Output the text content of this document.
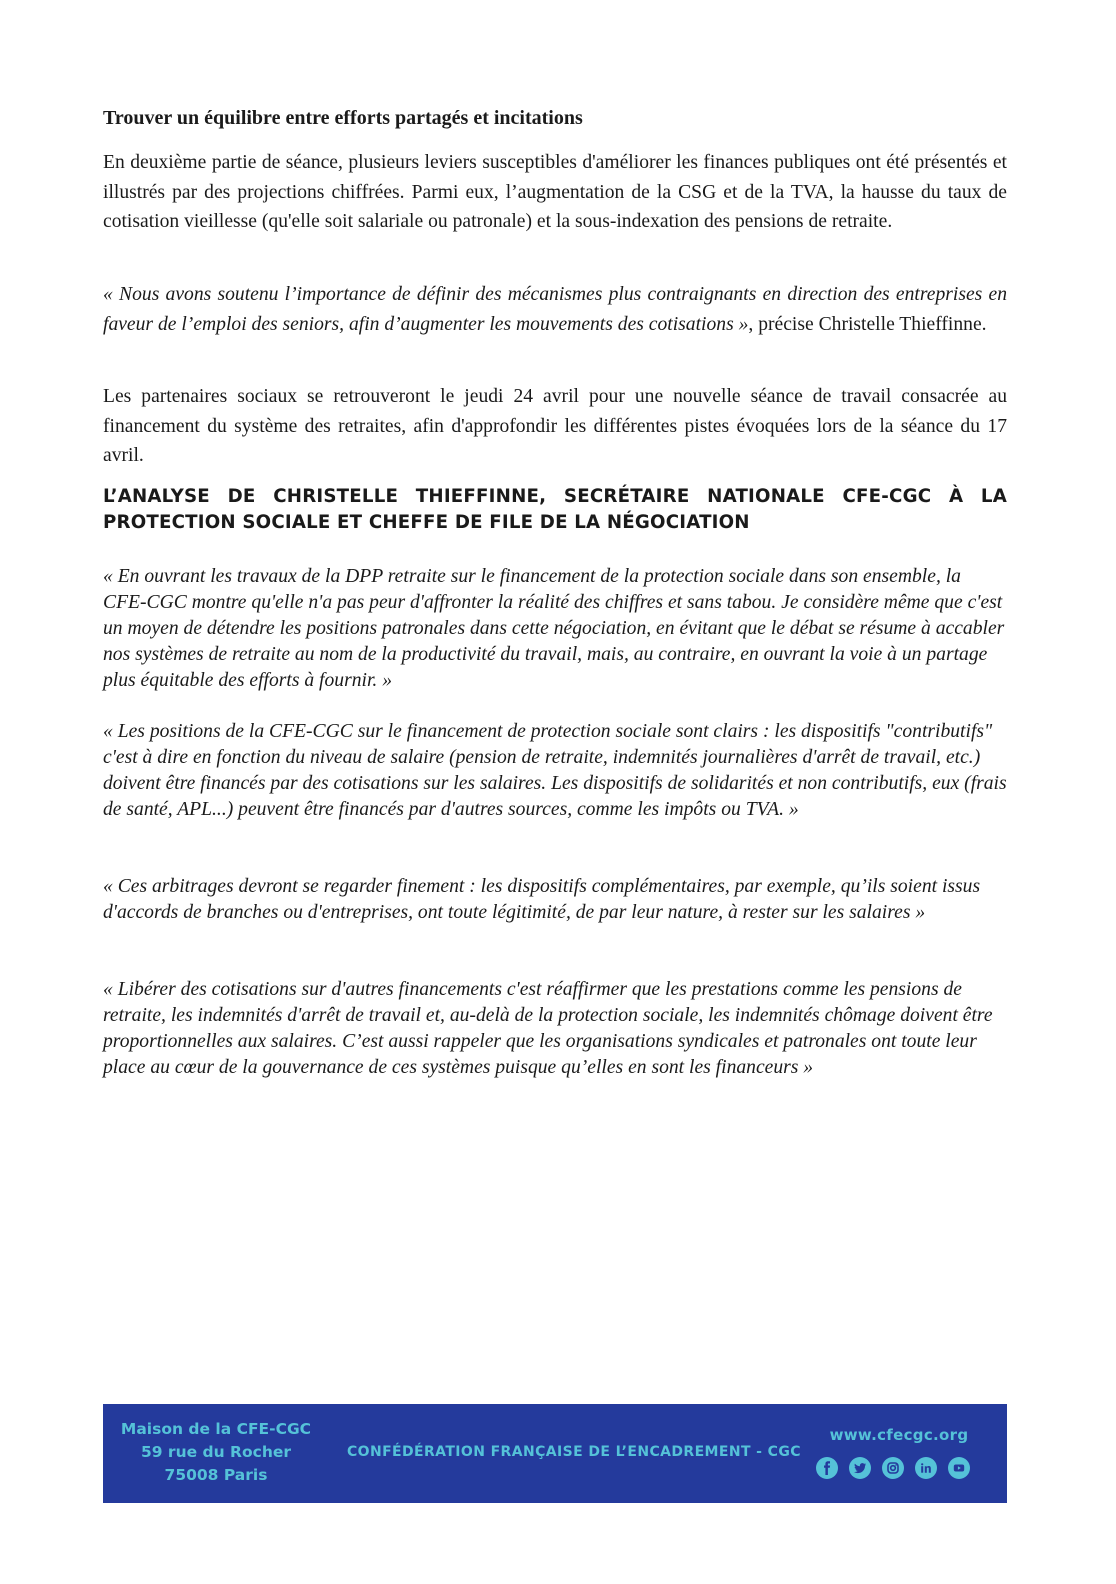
Trouver un équilibre entre efforts partagés et incitations

En deuxième partie de séance, plusieurs leviers susceptibles d'améliorer les finances publiques ont été présentés et illustrés par des projections chiffrées. Parmi eux, l’augmentation de la CSG et de la TVA, la hausse du taux de cotisation vieillesse (qu'elle soit salariale ou patronale) et la sous-indexation des pensions de retraite.

« Nous avons soutenu l’importance de définir des mécanismes plus contraignants en direction des entreprises en faveur de l’emploi des seniors, afin d’augmenter les mouvements des cotisations », précise Christelle Thieffinne.

Les partenaires sociaux se retrouveront le jeudi 24 avril pour une nouvelle séance de travail consacrée au financement du système des retraites, afin d'approfondir les différentes pistes évoquées lors de la séance du 17 avril.

L’ANALYSE DE CHRISTELLE THIEFFINNE, SECRÉTAIRE NATIONALE CFE-CGC À LA PROTECTION SOCIALE ET CHEFFE DE FILE DE LA NÉGOCIATION

« En ouvrant les travaux de la DPP retraite sur le financement de la protection sociale dans son ensemble, la CFE-CGC montre qu'elle n'a pas peur d'affronter la réalité des chiffres et sans tabou. Je considère même que c'est un moyen de détendre les positions patronales dans cette négociation, en évitant que le débat se résume à accabler nos systèmes de retraite au nom de la productivité du travail, mais, au contraire, en ouvrant la voie à un partage plus équitable des efforts à fournir. »

« Les positions de la CFE-CGC sur le financement de protection sociale sont clairs : les dispositifs "contributifs" c'est à dire en fonction du niveau de salaire (pension de retraite, indemnités journalières d'arrêt de travail, etc.) doivent être financés par des cotisations sur les salaires. Les dispositifs de solidarités et non contributifs, eux (frais de santé, APL...) peuvent être financés par d'autres sources, comme les impôts ou TVA. »

« Ces arbitrages devront se regarder finement : les dispositifs complémentaires, par exemple, qu’ils soient issus d'accords de branches ou d'entreprises, ont toute légitimité, de par leur nature, à rester sur les salaires »

« Libérer des cotisations sur d'autres financements c'est réaffirmer que les prestations comme les pensions de retraite, les indemnités d'arrêt de travail et, au-delà de la protection sociale, les indemnités chômage doivent être proportionnelles aux salaires. C’est aussi rappeler que les organisations syndicales et patronales ont toute leur place au cœur de la gouvernance de ces systèmes puisque qu’elles en sont les financeurs »

Maison de la CFE-CGC
59 rue du Rocher
75008 Paris
CONFÉDÉRATION FRANÇAISE DE L’ENCADREMENT - CGC
www.cfecgc.org
